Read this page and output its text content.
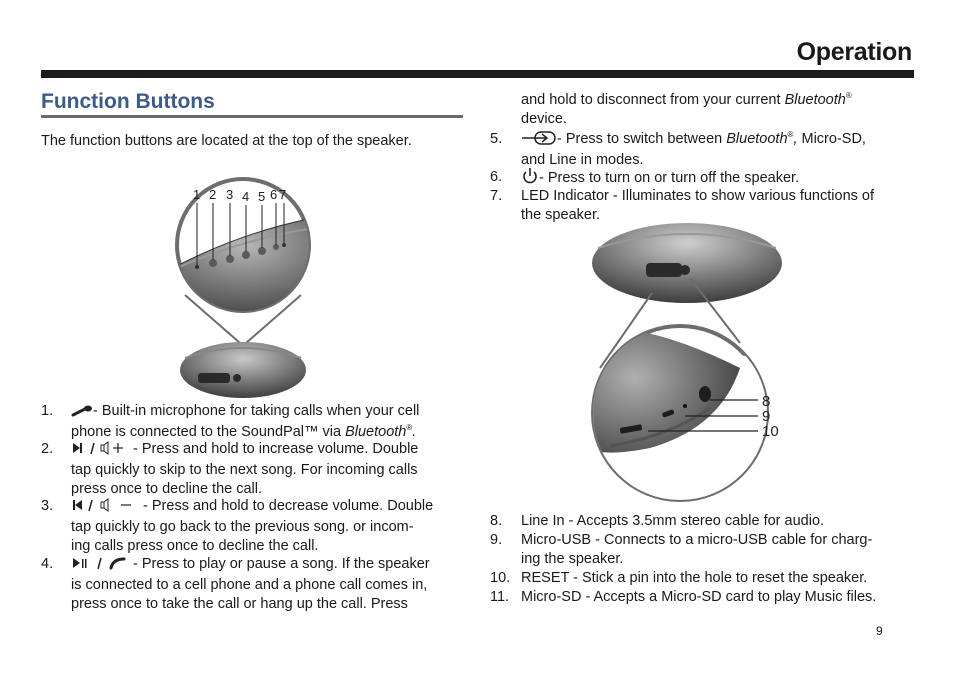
Operation
Function Buttons
The function buttons are located at the top of the speaker.
1 2 3 4 5 6 7
1.	- Built-in microphone for taking calls when your cell
phone is connected to the SoundPal™ via Bluetooth®.
2.	- Press and hold to increase volume. Double
tap quickly to skip to the next song. For incoming calls
press once to decline the call.
3.	- Press and hold to decrease volume. Double
tap quickly to go back to the previous song. or incom-
ing calls press once to decline the call.
4.	- Press to play or pause a song. If the speaker
is connected to a cell phone and a phone call comes in,
press once to take the call or hang up the call. Press
and hold to disconnect from your current Bluetooth®
device.
5.	- Press to switch between Bluetooth®, Micro-SD,
and Line in modes.
6.	- Press to turn on or turn off the speaker.
7. LED Indicator - Illuminates to show various functions of
the speaker.
8
9
10
8. Line In - Accepts 3.5mm stereo cable for audio.
9. Micro-USB - Connects to a micro-USB cable for charg-
ing the speaker.
10. RESET - Stick a pin into the hole to reset the speaker.
11. Micro-SD - Accepts a Micro-SD card to play Music files.
9
